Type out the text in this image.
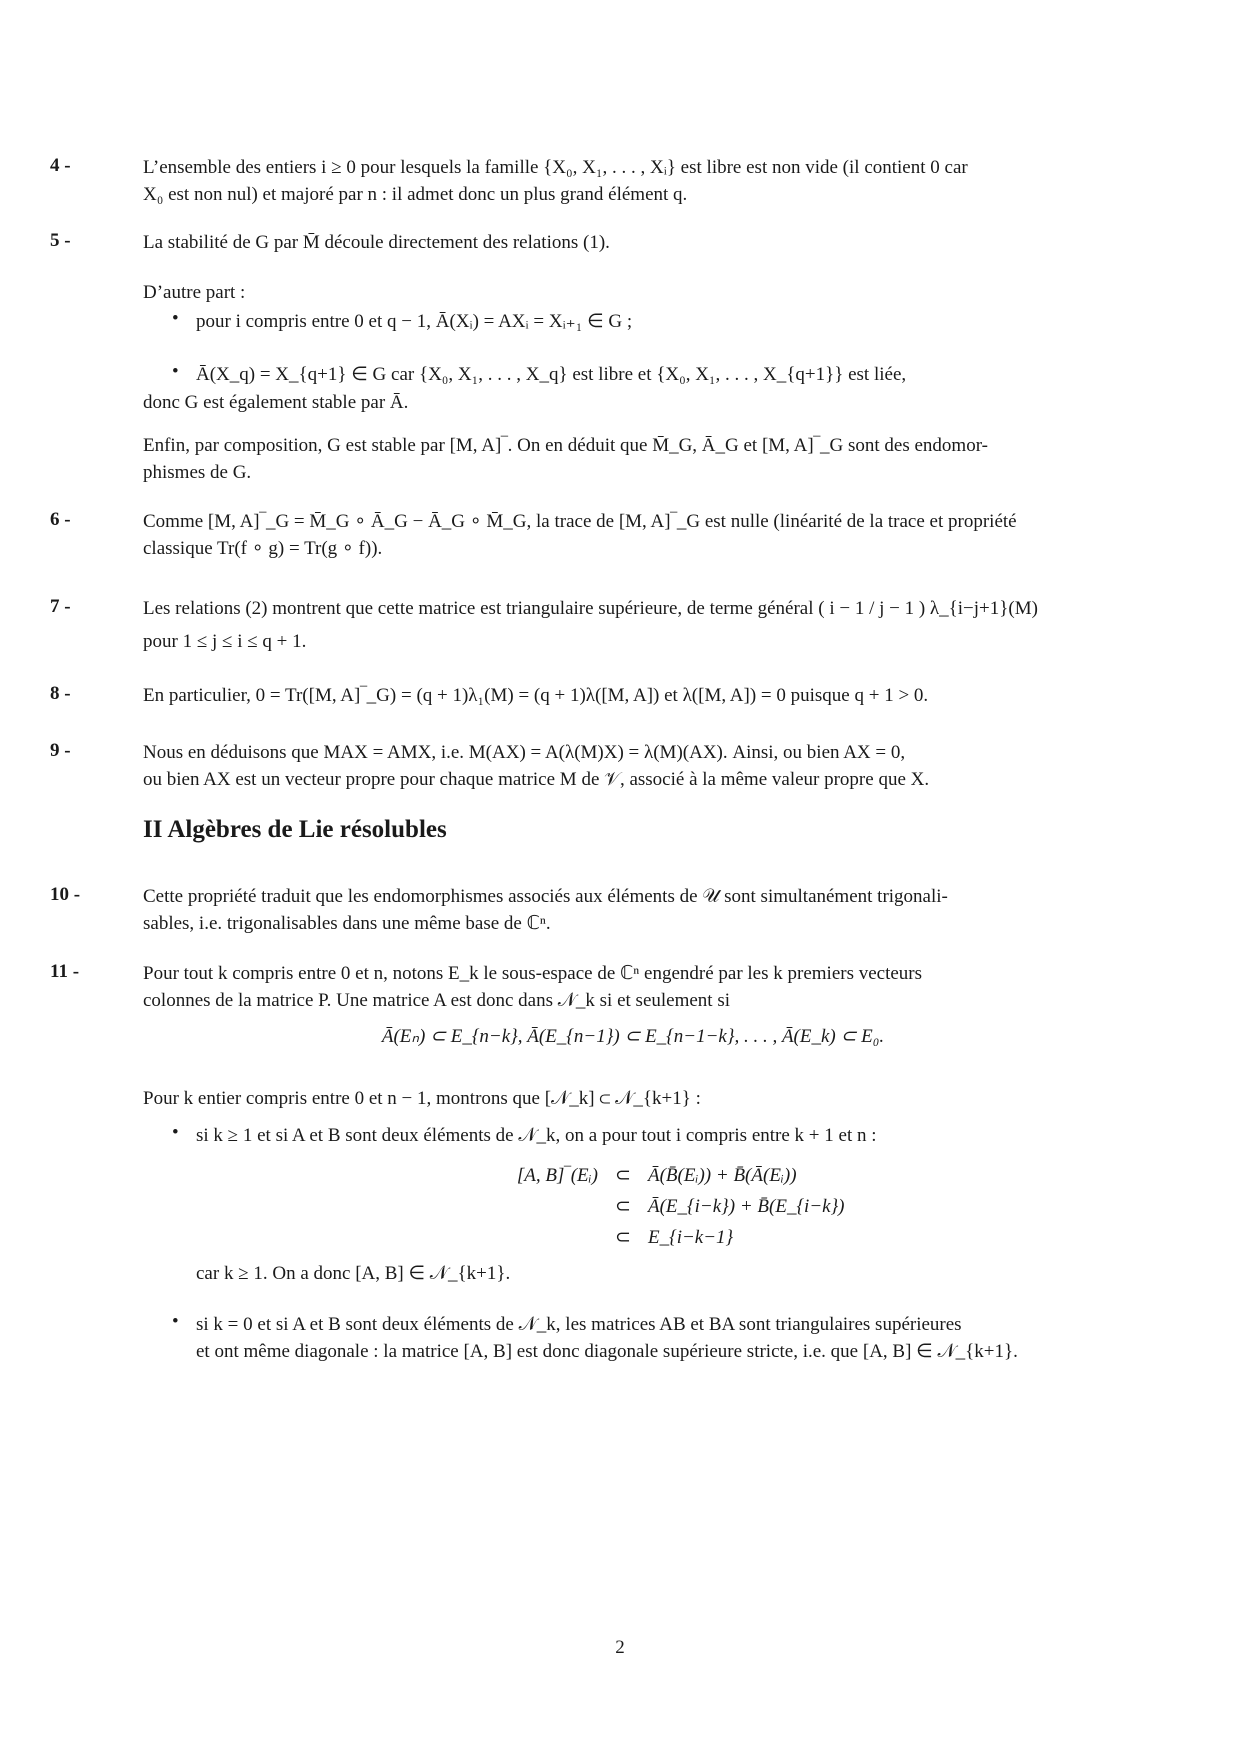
4 -	L’ensemble des entiers i ≥ 0 pour lesquels la famille {X₀, X₁, . . . , Xᵢ} est libre est non vide (il contient 0 car
X₀ est non nul) et majoré par n : il admet donc un plus grand élément q.
5 -	La stabilité de G par M̄ découle directement des relations (1).
D’autre part :
• pour i compris entre 0 et q − 1, Ā(Xᵢ) = AXᵢ = Xᵢ₊₁ ∈ G ;
• Ā(X_q) = X_{q+1} ∈ G car {X₀, X₁, . . . , X_q} est libre et {X₀, X₁, . . . , X_{q+1}} est liée,
donc G est également stable par Ā.
Enfin, par composition, G est stable par [M, A]‾. On en déduit que M̄_G, Ā_G et [M, A]‾_G sont des endomor-
phismes de G.
6 -	Comme [M, A]‾_G = M̄_G ∘ Ā_G − Ā_G ∘ M̄_G, la trace de [M, A]‾_G est nulle (linéarité de la trace et propriété
classique Tr(f ∘ g) = Tr(g ∘ f)).
7 -	Les relations (2) montrent que cette matrice est triangulaire supérieure, de terme général ( i − 1 / j − 1 ) λ_{i−j+1}(M)
pour 1 ≤ j ≤ i ≤ q + 1.
8 -	En particulier, 0 = Tr([M, A]‾_G) = (q + 1)λ₁(M) = (q + 1)λ([M, A]) et λ([M, A]) = 0 puisque q + 1 > 0.
9 -	Nous en déduisons que MAX = AMX, i.e. M(AX) = A(λ(M)X) = λ(M)(AX). Ainsi, ou bien AX = 0,
ou bien AX est un vecteur propre pour chaque matrice M de 𝒱, associé à la même valeur propre que X.
II Algèbres de Lie résolubles
10 -	Cette propriété traduit que les endomorphismes associés aux éléments de 𝒰 sont simultanément trigonali-
sables, i.e. trigonalisables dans une même base de ℂⁿ.
11 -	Pour tout k compris entre 0 et n, notons E_k le sous-espace de ℂⁿ engendré par les k premiers vecteurs
colonnes de la matrice P. Une matrice A est donc dans 𝒩_k si et seulement si
Ā(Eₙ) ⊂ E_{n−k}, Ā(E_{n−1}) ⊂ E_{n−1−k}, . . . , Ā(E_k) ⊂ E₀.
Pour k entier compris entre 0 et n − 1, montrons que [𝒩_k] ⊂ 𝒩_{k+1} :
• si k ≥ 1 et si A et B sont deux éléments de 𝒩_k, on a pour tout i compris entre k + 1 et n :
[A, B]‾(Eᵢ) ⊂ Ā(B̄(Eᵢ)) + B̄(Ā(Eᵢ))
⊂ Ā(E_{i−k}) + B̄(E_{i−k})
⊂ E_{i−k−1}
car k ≥ 1. On a donc [A, B] ∈ 𝒩_{k+1}.
• si k = 0 et si A et B sont deux éléments de 𝒩_k, les matrices AB et BA sont triangulaires supérieures
et ont même diagonale : la matrice [A, B] est donc diagonale supérieure stricte, i.e. que [A, B] ∈ 𝒩_{k+1}.
2
